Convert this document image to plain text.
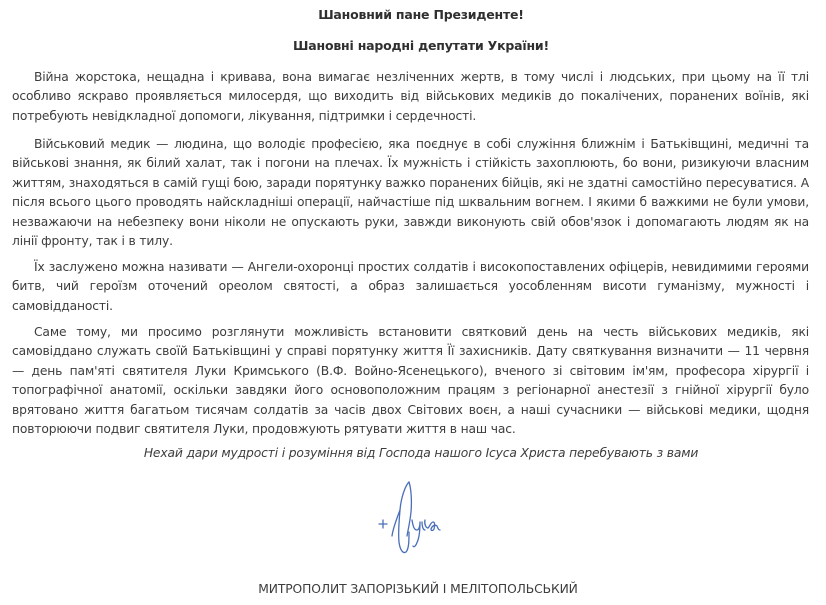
Шановний пане Президенте!
Шановні народні депутати України!

Війна жорстока, нещадна і кривава, вона вимагає незліченних жертв, в тому числі і людських, при цьому на її тлі особливо яскраво проявляється милосердя, що виходить від військових медиків до покалічених, поранених воїнів, які потребують невідкладної допомоги, лікування, підтримки і сердечності.

Військовий медик — людина, що володіє професією, яка поєднує в собі служіння ближнім і Батьківщині, медичні та військові знання, як білий халат, так і погони на плечах. Їх мужність і стійкість захоплюють, бо вони, ризикуючи власним життям, знаходяться в самій гущі бою, заради порятунку важко поранених бійців, які не здатні самостійно пересуватися. А після всього цього проводять найскладніші операції, найчастіше під шквальним вогнем. І якими б важкими не були умови, незважаючи на небезпеку вони ніколи не опускають руки, завжди виконують свій обов'язок і допомагають людям як на лінії фронту, так і в тилу.

Їх заслужено можна називати — Ангели-охоронці простих солдатів і високопоставлених офіцерів, невидимими героями битв, чий героїзм оточений ореолом святості, а образ залишається уособленням висоти гуманізму, мужності і самовідданості.

Саме тому, ми просимо розглянути можливість встановити святковий день на честь військових медиків, які самовіддано служать своїй Батьківщині у справі порятунку життя Її захисників. Дату святкування визначити — 11 червня — день пам'яті святителя Луки Кримського (В.Ф. Войно-Ясенецького), вченого зі світовим ім'ям, професора хірургії і топографічної анатомії, оскільки завдяки його основоположним працям з регіонарної анестезії з гнійної хірургії було врятовано життя багатьом тисячам солдатів за часів двох Світових воєн, а наші сучасники — військові медики, щодня повторюючи подвиг святителя Луки, продовжують рятувати життя в наш час.

Нехай дари мудрості і розуміння від Господа нашого Ісуса Христа перебувають з вами
МИТРОПОЛИТ ЗАПОРІЗЬКИЙ І МЕЛІТОПОЛЬСЬКИЙ
